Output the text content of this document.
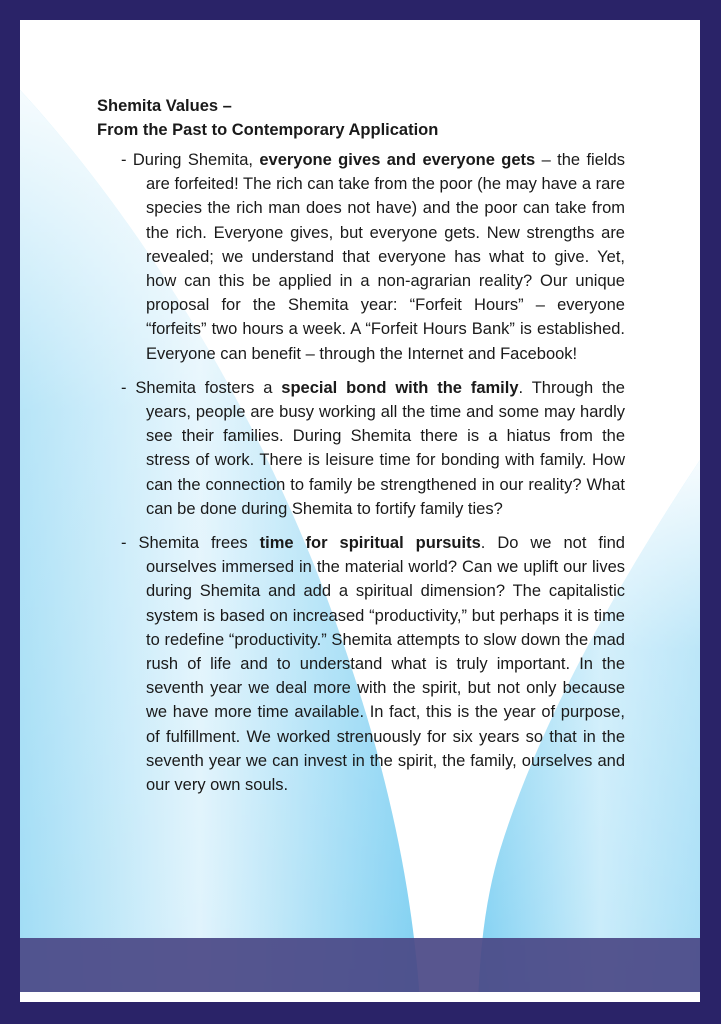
Shemita Values –
From the Past to Contemporary Application

- During Shemita, everyone gives and everyone gets – the fields are forfeited! The rich can take from the poor (he may have a rare species the rich man does not have) and the poor can take from the rich. Everyone gives, but everyone gets. New strengths are revealed; we understand that everyone has what to give. Yet, how can this be applied in a non-agrarian reality? Our unique proposal for the Shemita year: “Forfeit Hours” – everyone “forfeits” two hours a week. A “Forfeit Hours Bank” is established. Everyone can benefit – through the Internet and Facebook!

- Shemita fosters a special bond with the family. Through the years, people are busy working all the time and some may hardly see their families. During Shemita there is a hiatus from the stress of work. There is leisure time for bonding with family. How can the connection to family be strengthened in our reality? What can be done during Shemita to fortify family ties?

- Shemita frees time for spiritual pursuits. Do we not find ourselves immersed in the material world? Can we uplift our lives during Shemita and add a spiritual dimension? The capitalistic system is based on increased “productivity,” but perhaps it is time to redefine “productivity.” Shemita attempts to slow down the mad rush of life and to understand what is truly important. In the seventh year we deal more with the spirit, but not only because we have more time available. In fact, this is the year of purpose, of fulfillment. We worked strenuously for six years so that in the seventh year we can invest in the spirit, the family, ourselves and our very own souls.
